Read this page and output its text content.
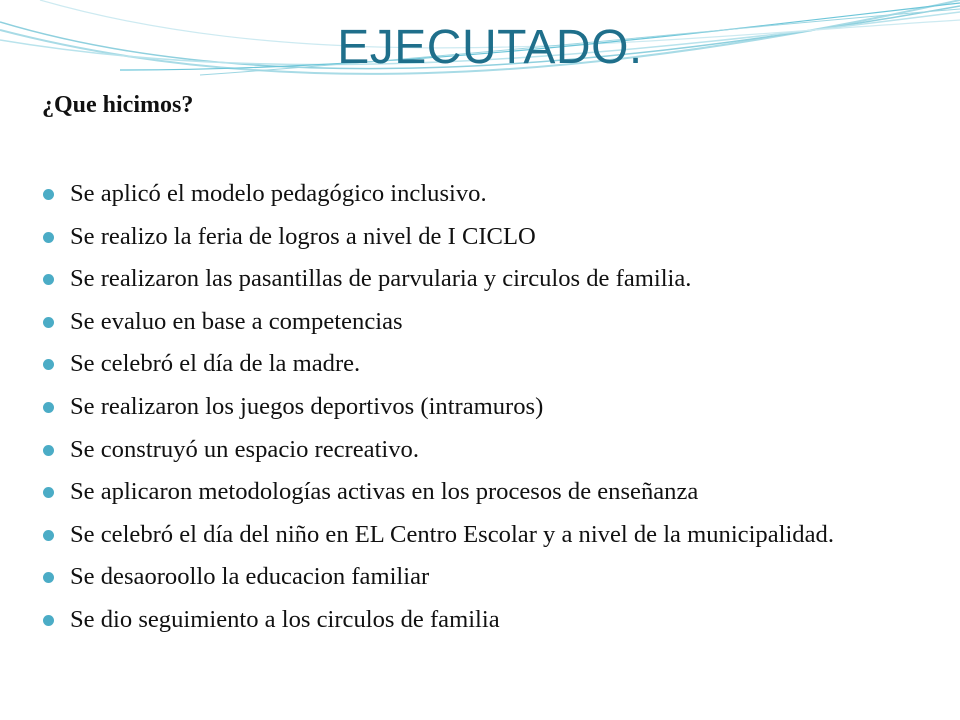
EJECUTADO.
¿Que hicimos?
Se aplicó el modelo pedagógico inclusivo.
Se realizo la feria de logros a nivel de I CICLO
Se realizaron las pasantillas de parvularia y circulos de familia.
Se evaluo en base a competencias
Se celebró el día de la madre.
Se realizaron los juegos deportivos (intramuros)
Se construyó un espacio recreativo.
Se aplicaron metodologías activas en los procesos de enseñanza
Se celebró el día del niño en EL Centro Escolar y a nivel de la municipalidad.
Se desaoroollo la educacion familiar
Se dio seguimiento a los circulos de familia
